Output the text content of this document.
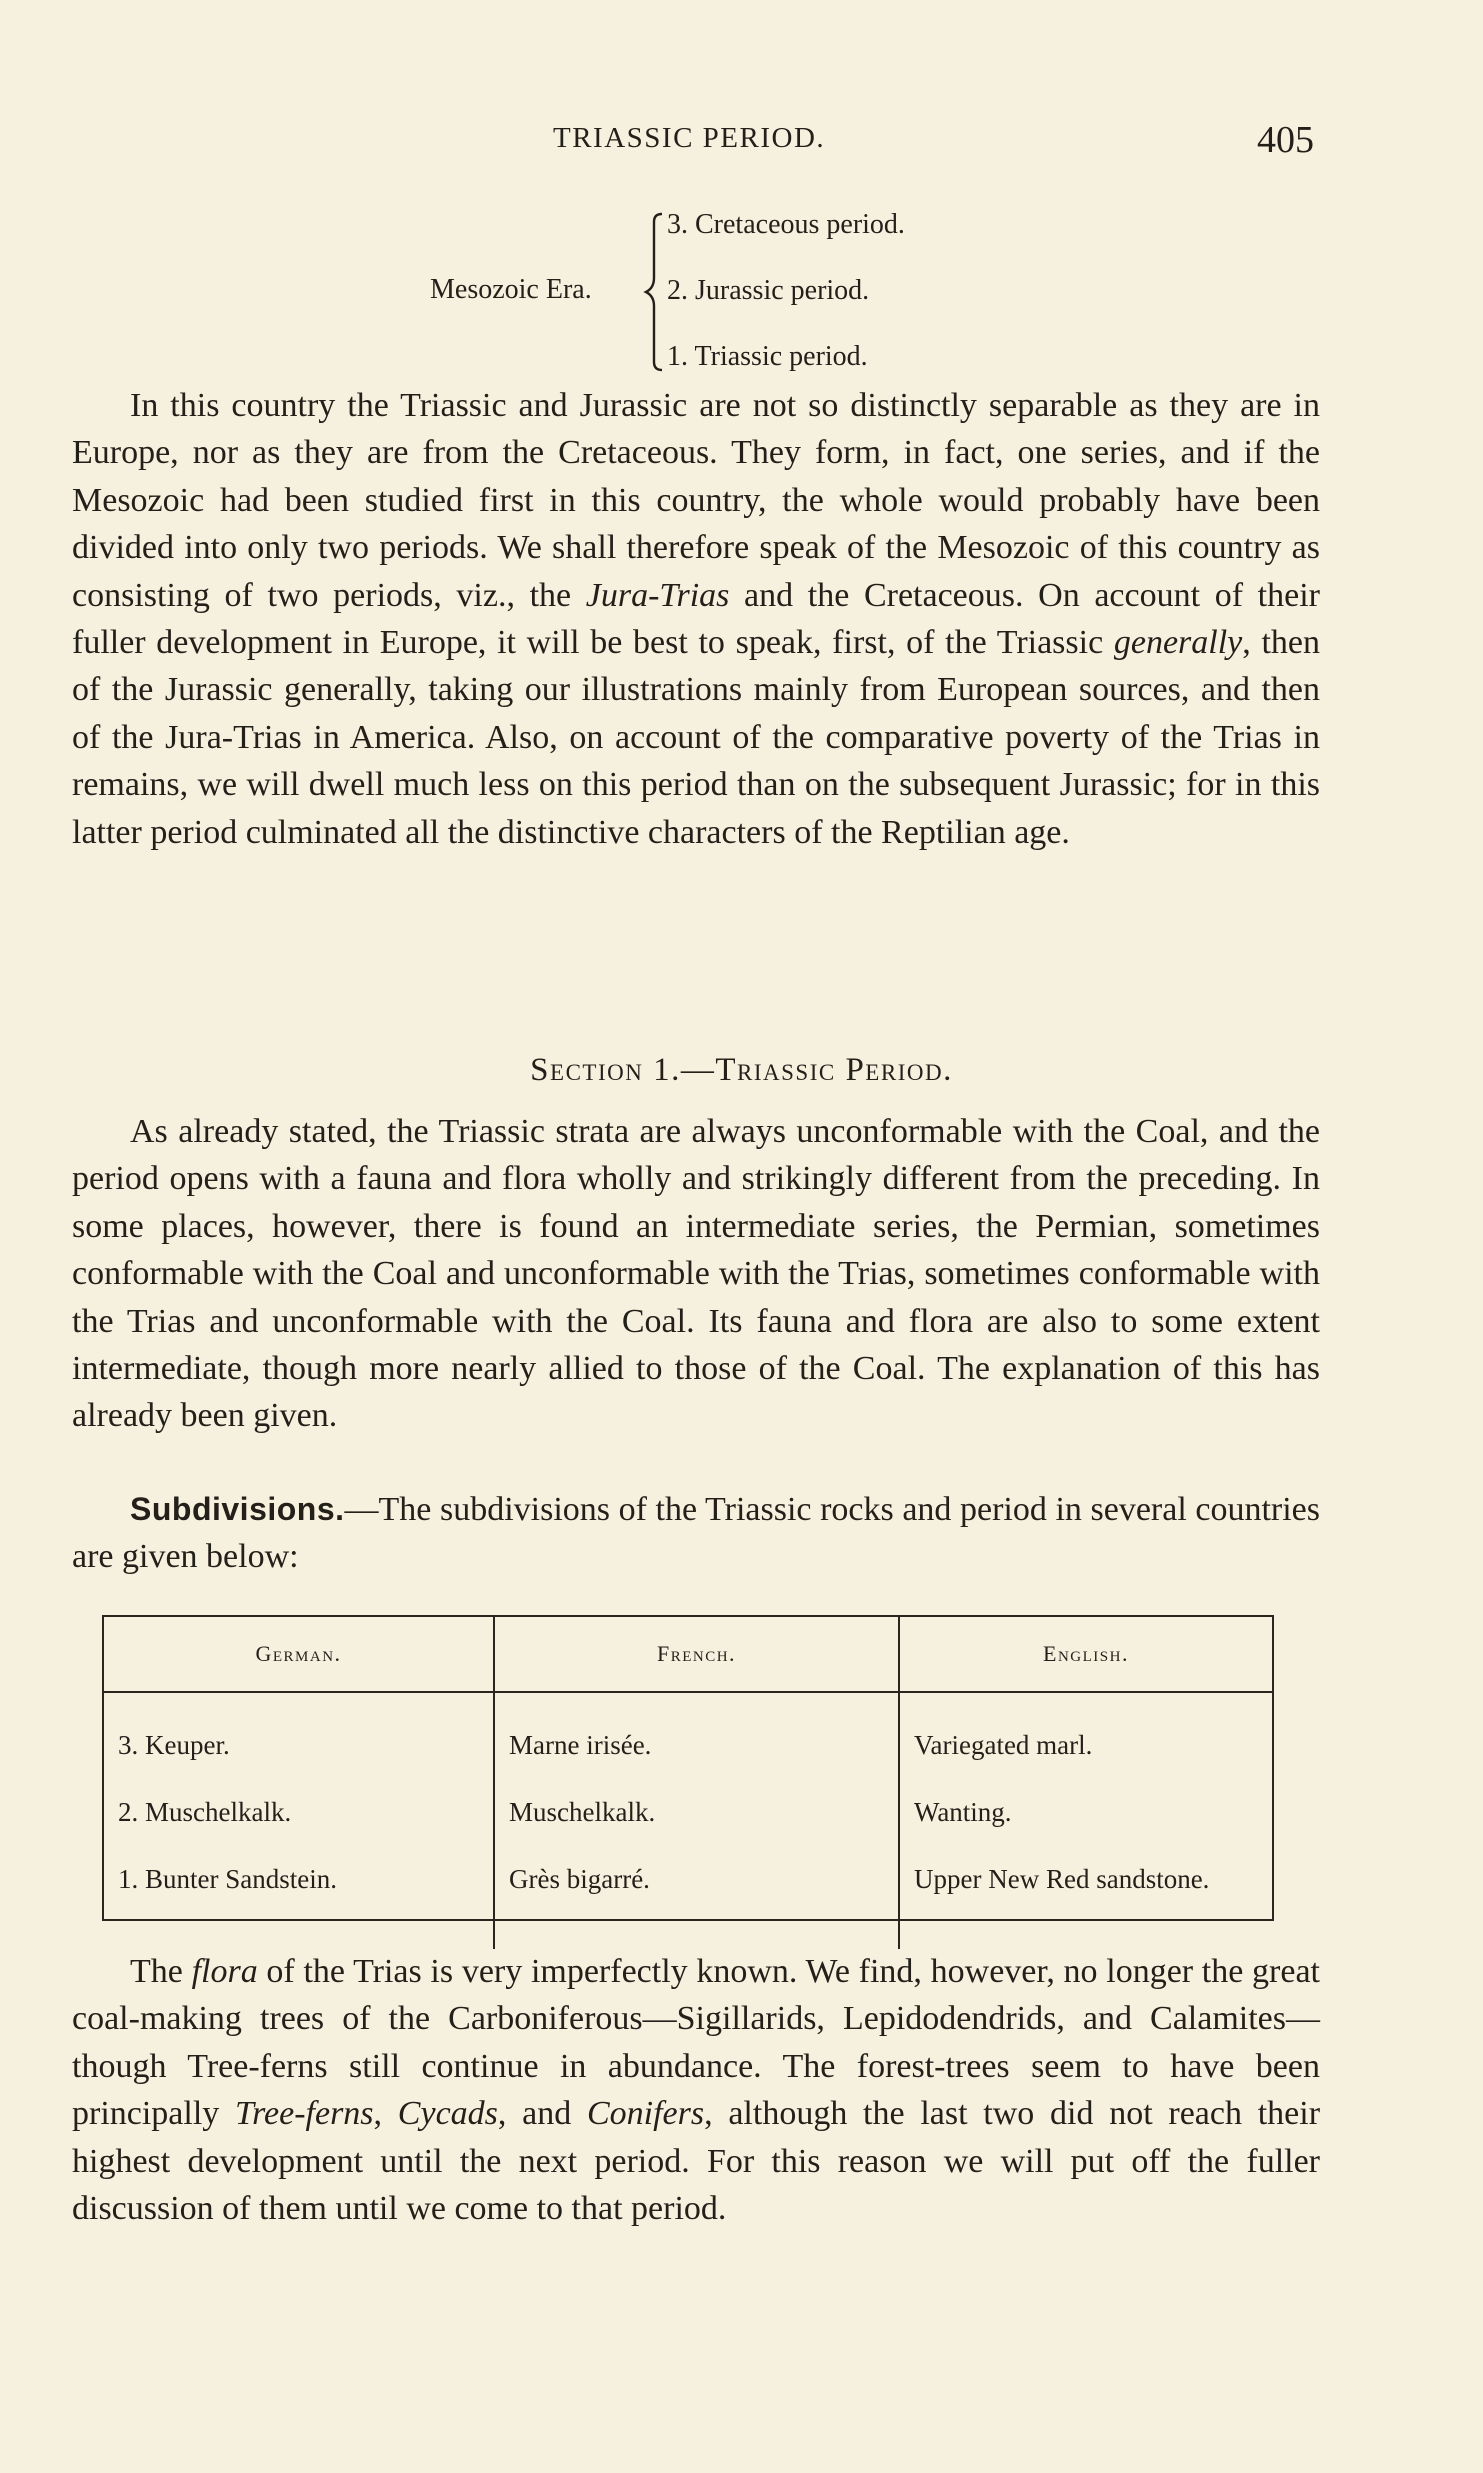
TRIASSIC PERIOD.	405
Mesozoic Era.
3. Cretaceous period.
2. Jurassic period.
1. Triassic period.

In this country the Triassic and Jurassic are not so distinctly separable as they are in Europe, nor as they are from the Cretaceous. They form, in fact, one series, and if the Mesozoic had been studied first in this country, the whole would probably have been divided into only two periods. We shall therefore speak of the Mesozoic of this country as consisting of two periods, viz., the Jura-Trias and the Cretaceous. On account of their fuller development in Europe, it will be best to speak, first, of the Triassic generally, then of the Jurassic generally, taking our illustrations mainly from European sources, and then of the Jura-Trias in America. Also, on account of the comparative poverty of the Trias in remains, we will dwell much less on this period than on the subsequent Jurassic; for in this latter period culminated all the distinctive characters of the Reptilian age.

Section 1.—Triassic Period.

As already stated, the Triassic strata are always unconformable with the Coal, and the period opens with a fauna and flora wholly and strikingly different from the preceding. In some places, however, there is found an intermediate series, the Permian, sometimes conformable with the Coal and unconformable with the Trias, sometimes conformable with the Trias and unconformable with the Coal. Its fauna and flora are also to some extent intermediate, though more nearly allied to those of the Coal. The explanation of this has already been given.

Subdivisions.—The subdivisions of the Triassic rocks and period in several countries are given below:

German.	French.	English.
3. Keuper.	Marne irisée.	Variegated marl.
2. Muschelkalk.	Muschelkalk.	Wanting.
1. Bunter Sandstein.	Grès bigarré.	Upper New Red sandstone.

The flora of the Trias is very imperfectly known. We find, however, no longer the great coal-making trees of the Carboniferous—Sigillarids, Lepidodendrids, and Calamites—though Tree-ferns still continue in abundance. The forest-trees seem to have been principally Tree-ferns, Cycads, and Conifers, although the last two did not reach their highest development until the next period. For this reason we will put off the fuller discussion of them until we come to that period.
